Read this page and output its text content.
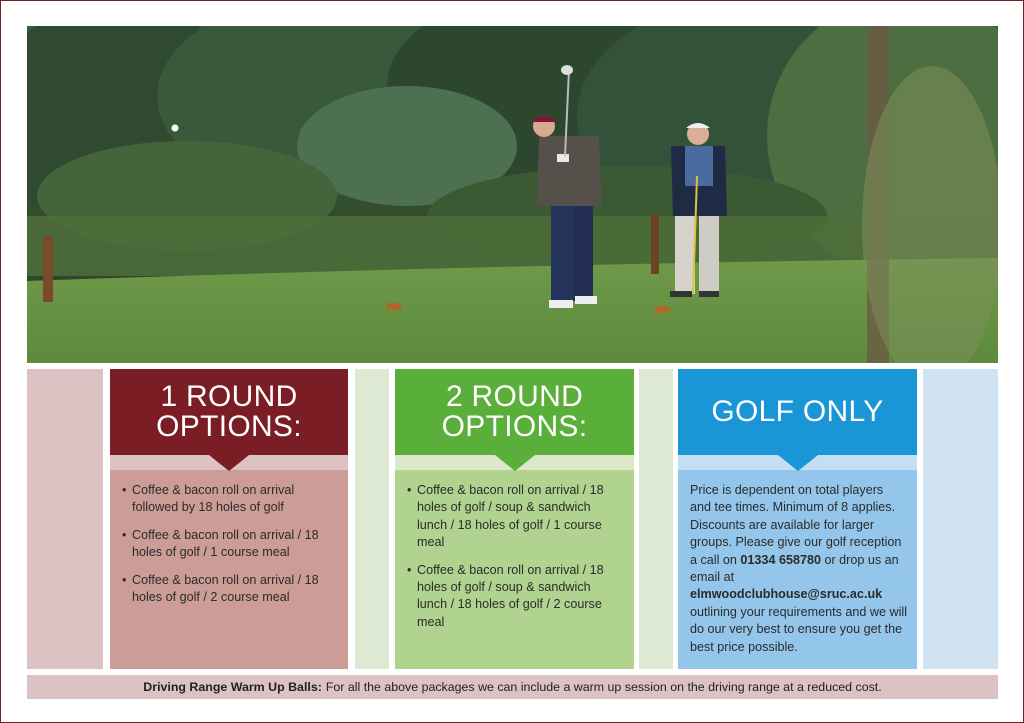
1 ROUND
OPTIONS:
• Coffee & bacon roll on arrival followed by 18 holes of golf
• Coffee & bacon roll on arrival / 18 holes of golf / 1 course meal
• Coffee & bacon roll on arrival / 18 holes of golf / 2 course meal
2 ROUND
OPTIONS:
• Coffee & bacon roll on arrival / 18 holes of golf / soup & sandwich lunch / 18 holes of golf / 1 course meal
• Coffee & bacon roll on arrival / 18 holes of golf / soup & sandwich lunch / 18 holes of golf / 2 course meal
GOLF ONLY
Price is dependent on total players and tee times. Minimum of 8 applies. Discounts are available for larger groups. Please give our golf reception a call on 01334 658780 or drop us an email at elmwoodclubhouse@sruc.ac.uk outlining your requirements and we will do our very best to ensure you get the best price possible.
Driving Range Warm Up Balls: For all the above packages we can include a warm up session on the driving range at a reduced cost.
